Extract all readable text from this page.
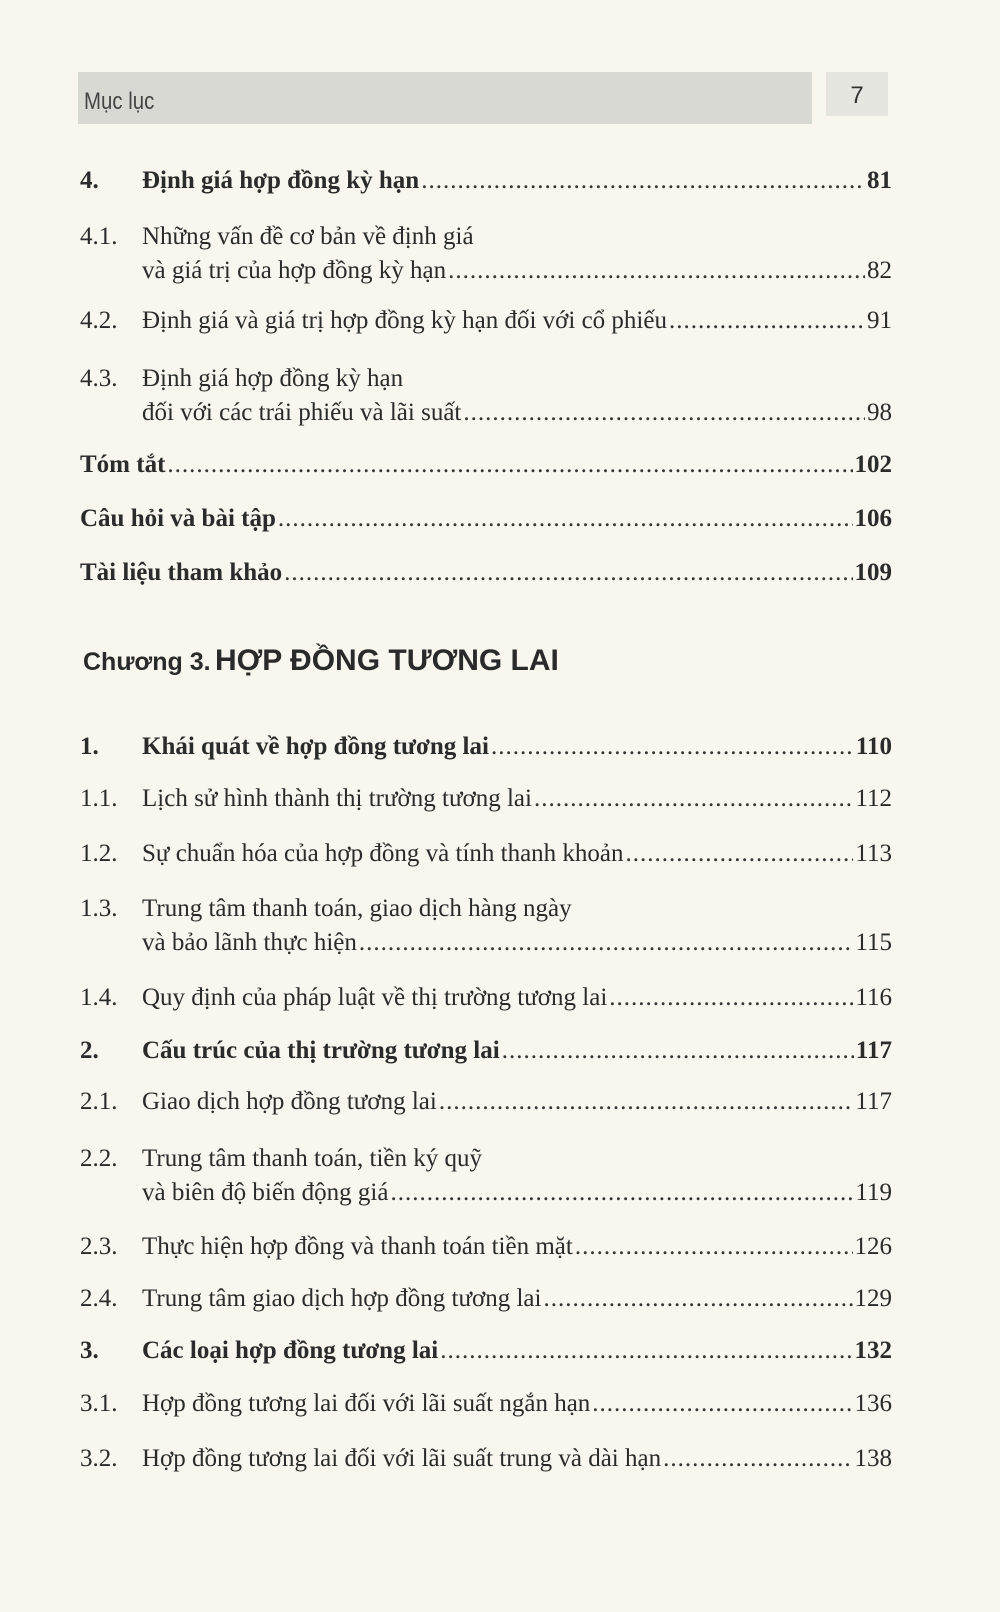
Mục lục	7
Chương 3. HỢP ĐỒNG TƯƠNG LAI
4. Định giá hợp đồng kỳ hạn .....	81
4.1. Những vấn đề cơ bản về định giá
và giá trị của hợp đồng kỳ hạn .....	82
4.2. Định giá và giá trị hợp đồng kỳ hạn đối với cổ phiếu .....	91
4.3. Định giá hợp đồng kỳ hạn
đối với các trái phiếu và lãi suất .....	98
Tóm tắt .....	102
Câu hỏi và bài tập .....	106
Tài liệu tham khảo .....	109
1. Khái quát về hợp đồng tương lai .....	110
1.1. Lịch sử hình thành thị trường tương lai .....	112
1.2. Sự chuẩn hóa của hợp đồng và tính thanh khoản .....	113
1.3. Trung tâm thanh toán, giao dịch hàng ngày
và bảo lãnh thực hiện .....	115
1.4. Quy định của pháp luật về thị trường tương lai .....	116
2. Cấu trúc của thị trường tương lai .....	117
2.1. Giao dịch hợp đồng tương lai .....	117
2.2. Trung tâm thanh toán, tiền ký quỹ
và biên độ biến động giá .....	119
2.3. Thực hiện hợp đồng và thanh toán tiền mặt .....	126
2.4. Trung tâm giao dịch hợp đồng tương lai .....	129
3. Các loại hợp đồng tương lai .....	132
3.1. Hợp đồng tương lai đối với lãi suất ngắn hạn .....	136
3.2. Hợp đồng tương lai đối với lãi suất trung và dài hạn .....	138
